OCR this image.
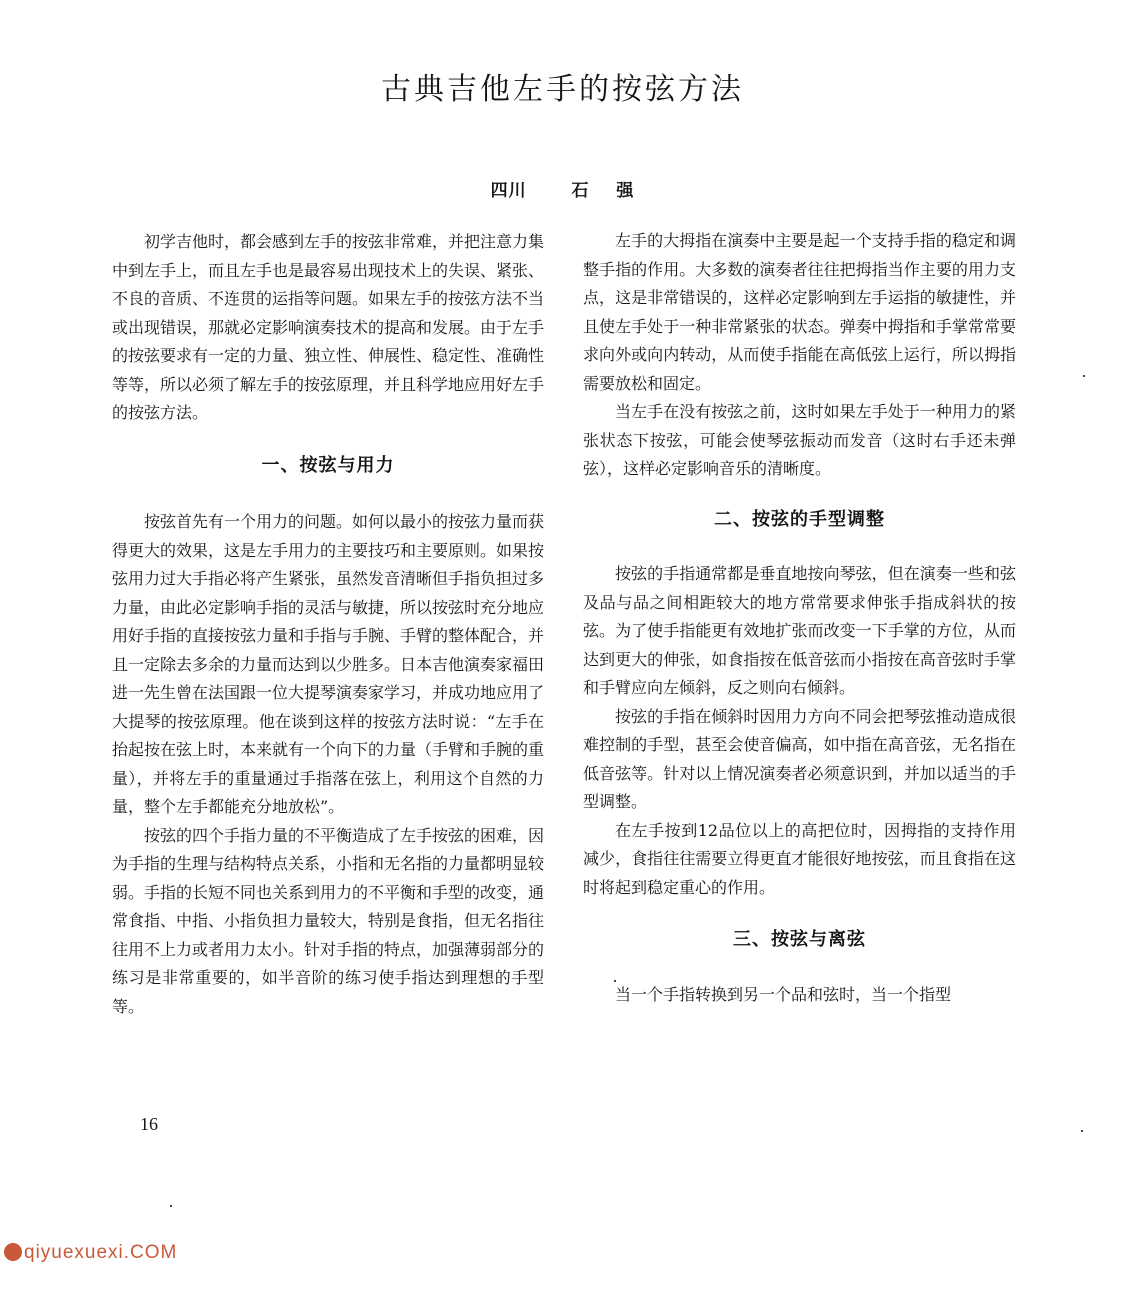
古典吉他左手的按弦方法
四川	石 强

初学吉他时，都会感到左手的按弦非常难，并把注意力集中到左手上，而且左手也是最容易出现技术上的失误、紧张、不良的音质、不连贯的运指等问题。如果左手的按弦方法不当或出现错误，那就必定影响演奏技术的提高和发展。由于左手的按弦要求有一定的力量、独立性、伸展性、稳定性、准确性等等，所以必须了解左手的按弦原理，并且科学地应用好左手的按弦方法。

一、按弦与用力

按弦首先有一个用力的问题。如何以最小的按弦力量而获得更大的效果，这是左手用力的主要技巧和主要原则。如果按弦用力过大手指必将产生紧张，虽然发音清晰但手指负担过多力量，由此必定影响手指的灵活与敏捷，所以按弦时充分地应用好手指的直接按弦力量和手指与手腕、手臂的整体配合，并且一定除去多余的力量而达到以少胜多。日本吉他演奏家福田进一先生曾在法国跟一位大提琴演奏家学习，并成功地应用了大提琴的按弦原理。他在谈到这样的按弦方法时说：“左手在抬起按在弦上时，本来就有一个向下的力量（手臂和手腕的重量），并将左手的重量通过手指落在弦上，利用这个自然的力量，整个左手都能充分地放松”。

按弦的四个手指力量的不平衡造成了左手按弦的困难，因为手指的生理与结构特点关系，小指和无名指的力量都明显较弱。手指的长短不同也关系到用力的不平衡和手型的改变，通常食指、中指、小指负担力量较大，特别是食指，但无名指往往用不上力或者用力太小。针对手指的特点，加强薄弱部分的练习是非常重要的，如半音阶的练习使手指达到理想的手型等。

左手的大拇指在演奏中主要是起一个支持手指的稳定和调整手指的作用。大多数的演奏者往往把拇指当作主要的用力支点，这是非常错误的，这样必定影响到左手运指的敏捷性，并且使左手处于一种非常紧张的状态。弹奏中拇指和手掌常常要求向外或向内转动，从而使手指能在高低弦上运行，所以拇指需要放松和固定。

当左手在没有按弦之前，这时如果左手处于一种用力的紧张状态下按弦，可能会使琴弦振动而发音（这时右手还未弹弦），这样必定影响音乐的清晰度。

二、按弦的手型调整

按弦的手指通常都是垂直地按向琴弦，但在演奏一些和弦及品与品之间相距较大的地方常常要求伸张手指成斜状的按弦。为了使手指能更有效地扩张而改变一下手掌的方位，从而达到更大的伸张，如食指按在低音弦而小指按在高音弦时手掌和手臂应向左倾斜，反之则向右倾斜。

按弦的手指在倾斜时因用力方向不同会把琴弦推动造成很难控制的手型，甚至会使音偏高，如中指在高音弦，无名指在低音弦等。针对以上情况演奏者必须意识到，并加以适当的手型调整。

在左手按到12品位以上的高把位时，因拇指的支持作用减少，食指往往需要立得更直才能很好地按弦，而且食指在这时将起到稳定重心的作用。

三、按弦与离弦

当一个手指转换到另一个品和弦时，当一个指型

16
qiyuexuexi.COM
